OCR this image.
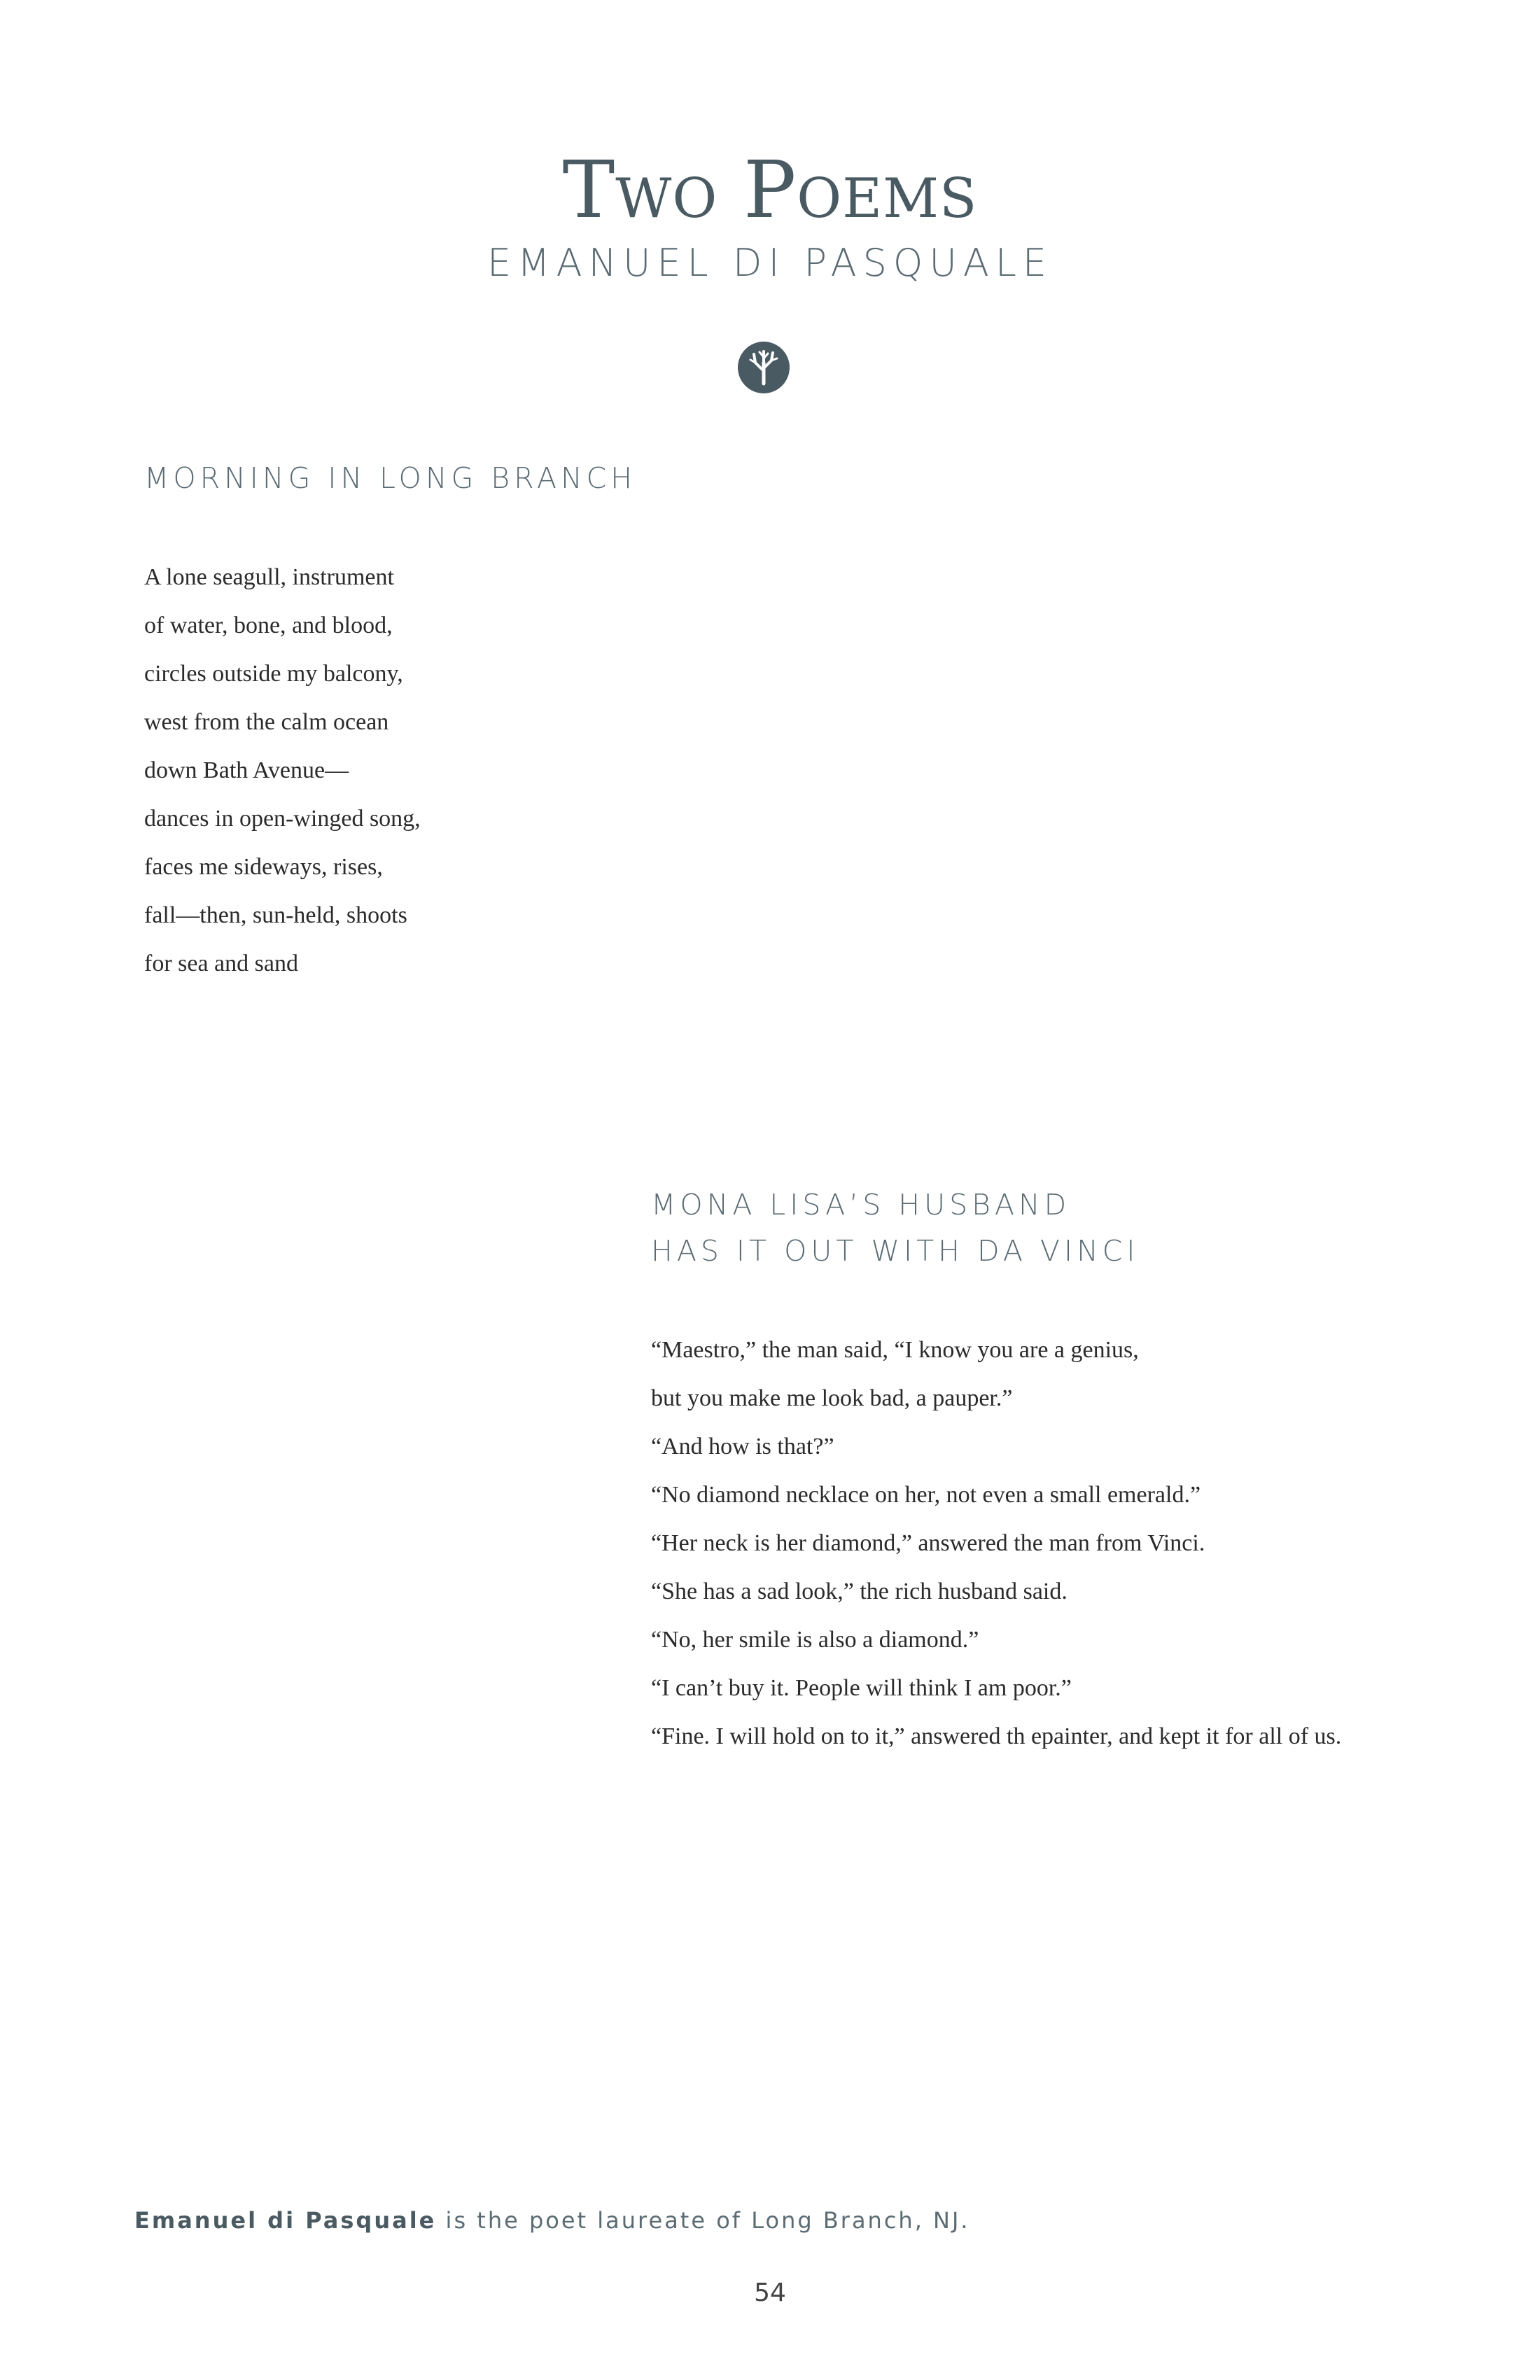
Two Poems
EMANUEL DI PASQUALE
MORNING IN LONG BRANCH
A lone seagull, instrument
of water, bone, and blood,
circles outside my balcony,
west from the calm ocean
down Bath Avenue—
dances in open-winged song,
faces me sideways, rises,
fall—then, sun-held, shoots
for sea and sand
MONA LISA’S HUSBAND
HAS IT OUT WITH DA VINCI
“Maestro,” the man said, “I know you are a genius,
but you make me look bad, a pauper.”
“And how is that?”
“No diamond necklace on her, not even a small emerald.”
“Her neck is her diamond,” answered the man from Vinci.
“She has a sad look,” the rich husband said.
“No, her smile is also a diamond.”
“I can’t buy it. People will think I am poor.”
“Fine. I will hold on to it,” answered th epainter, and kept it for all of us.
Emanuel di Pasquale is the poet laureate of Long Branch, NJ.
54
